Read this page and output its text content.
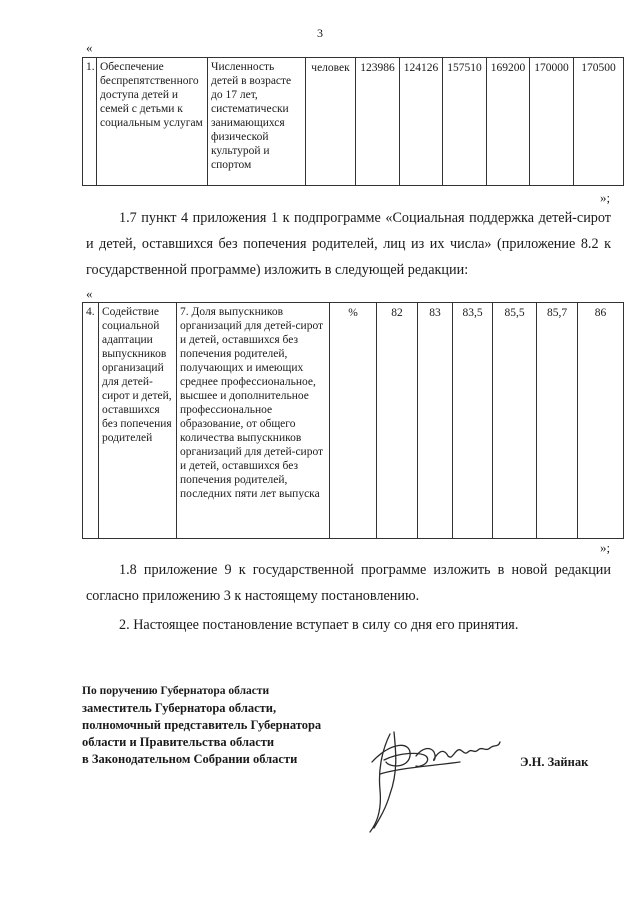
3
«
1.	Обеспечение беспрепятственного доступа детей и семей с детьми к социальным услугам	Численность детей в возрасте до 17 лет, систематически занимающихся физической культурой и спортом	человек	123986	124126	157510	169200	170000	170500
»;
1.7 пункт 4 приложения 1 к подпрограмме «Социальная поддержка детей-сирот и детей, оставшихся без попечения родителей, лиц из их числа» (приложение 8.2 к государственной программе) изложить в следующей редакции:
«
4.	Содействие социальной адаптации выпускников организаций для детей-сирот и детей, оставшихся без попечения родителей	7. Доля выпускников организаций для детей-сирот и детей, оставшихся без попечения родителей, получающих и имеющих среднее профессиональное, высшее и дополнительное профессиональное образование, от общего количества выпускников организаций для детей-сирот и детей, оставшихся без попечения родителей, последних пяти лет выпуска	%	82	83	83,5	85,5	85,7	86
»;
1.8 приложение 9 к государственной программе изложить в новой редакции согласно приложению 3 к настоящему постановлению.
2. Настоящее постановление вступает в силу со дня его принятия.
По поручению Губернатора области
заместитель Губернатора области,
полномочный представитель Губернатора
области и Правительства области
в Законодательном Собрании области	Э.Н. Зайнак
